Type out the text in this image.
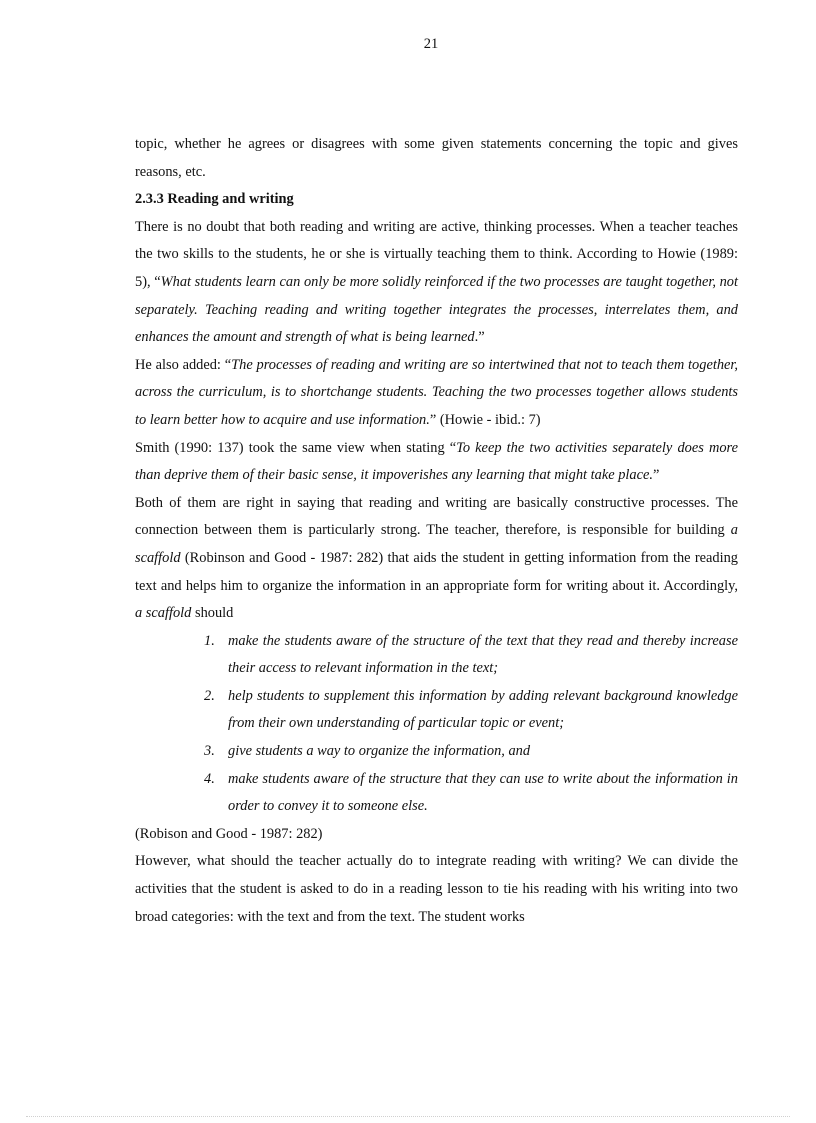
21

topic, whether he agrees or disagrees with some given statements concerning the topic and gives reasons, etc.

2.3.3 Reading and writing

There is no doubt that both reading and writing are active, thinking processes. When a teacher teaches the two skills to the students, he or she is virtually teaching them to think. According to Howie (1989: 5), “What students learn can only be more solidly reinforced if the two processes are taught together, not separately. Teaching reading and writing together integrates the processes, interrelates them, and enhances the amount and strength of what is being learned.”

He also added: “The processes of reading and writing are so intertwined that not to teach them together, across the curriculum, is to shortchange students. Teaching the two processes together allows students to learn better how to acquire and use information.” (Howie - ibid.: 7)

Smith (1990: 137) took the same view when stating “To keep the two activities separately does more than deprive them of their basic sense, it impoverishes any learning that might take place.”

Both of them are right in saying that reading and writing are basically constructive processes. The connection between them is particularly strong. The teacher, therefore, is responsible for building a scaffold (Robinson and Good - 1987: 282) that aids the student in getting information from the reading text and helps him to organize the information in an appropriate form for writing about it. Accordingly, a scaffold should

1. make the students aware of the structure of the text that they read and thereby increase their access to relevant information in the text;
2. help students to supplement this information by adding relevant background knowledge from their own understanding of particular topic or event;
3. give students a way to organize the information, and
4. make students aware of the structure that they can use to write about the information in order to convey it to someone else.

(Robison and Good - 1987: 282)

However, what should the teacher actually do to integrate reading with writing? We can divide the activities that the student is asked to do in a reading lesson to tie his reading with his writing into two broad categories: with the text and from the text. The student works
